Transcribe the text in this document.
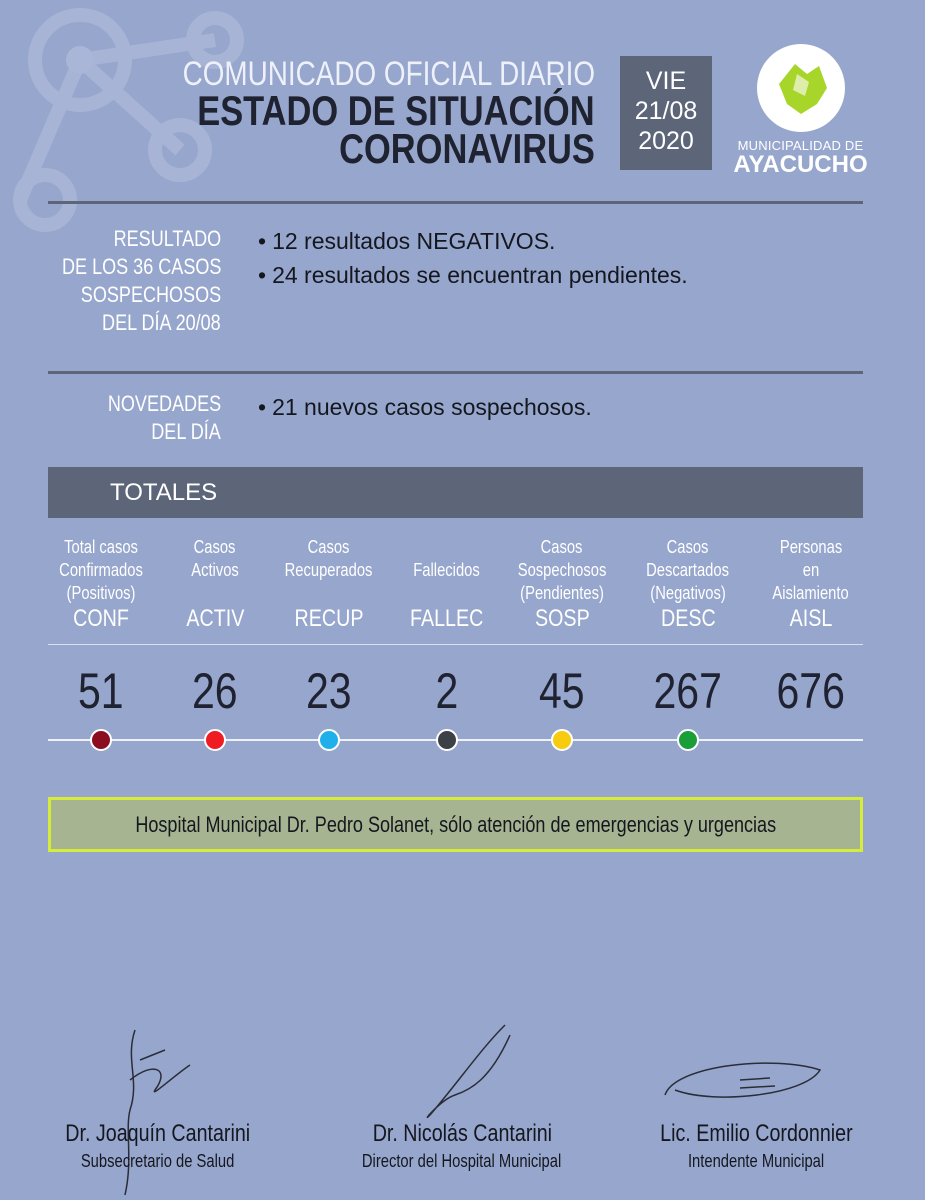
COMUNICADO OFICIAL DIARIO
ESTADO DE SITUACIÓN
CORONAVIRUS
VIE
21/08
2020	MUNICIPALIDAD DE
AYACUCHO
RESULTADO
DE LOS 36 CASOS
SOSPECHOSOS
DEL DÍA 20/08
• 12 resultados NEGATIVOS.
• 24 resultados se encuentran pendientes.
NOVEDADES
DEL DÍA
• 21 nuevos casos sospechosos.
TOTALES
Total casos
Confirmados
(Positivos)
CONF
51
Casos
Activos
ACTIV
26
Casos
Recuperados
RECUP
23
Fallecidos
FALLEC
2
Casos
Sospechosos
(Pendientes)
SOSP
45
Casos
Descartados
(Negativos)
DESC
267
Personas
en
Aislamiento
AISL
676
Hospital Municipal Dr. Pedro Solanet, sólo atención de emergencias y urgencias
Dr. Joaquín Cantarini
Subsecretario de Salud
Dr. Nicolás Cantarini
Director del Hospital Municipal
Lic. Emilio Cordonnier
Intendente Municipal
